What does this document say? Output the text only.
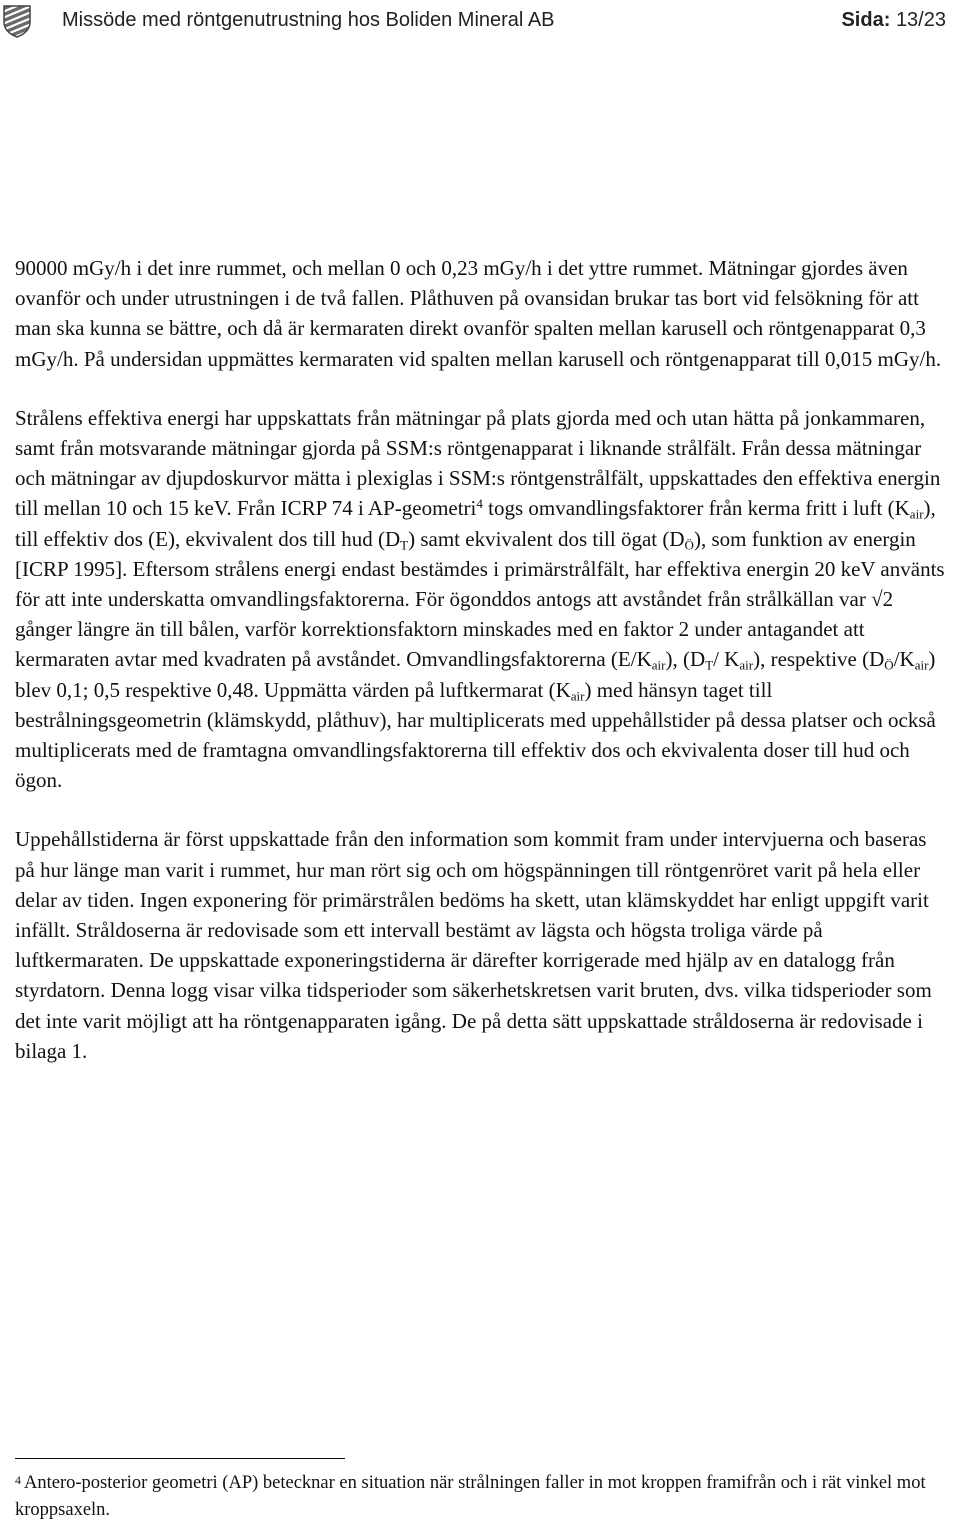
Missöde med röntgenutrustning hos Boliden Mineral AB	Sida: 13/23

90000 mGy/h i det inre rummet, och mellan 0 och 0,23 mGy/h i det yttre rummet. Mätningar gjordes även ovanför och under utrustningen i de två fallen. Plåthuven på ovansidan brukar tas bort vid felsökning för att man ska kunna se bättre, och då är kermaraten direkt ovanför spalten mellan karusell och röntgenapparat 0,3 mGy/h. På undersidan uppmättes kermaraten vid spalten mellan karusell och röntgenapparat till 0,015 mGy/h.

Strålens effektiva energi har uppskattats från mätningar på plats gjorda med och utan hätta på jonkammaren, samt från motsvarande mätningar gjorda på SSM:s röntgenapparat i liknande strålfält. Från dessa mätningar och mätningar av djupdoskurvor mätta i plexiglas i SSM:s röntgenstrålfält, uppskattades den effektiva energin till mellan 10 och 15 keV. Från ICRP 74 i AP-geometri$^4$ togs omvandlingsfaktorer från kerma fritt i luft $(K_{air})$, till effektiv dos (E), ekvivalent dos till hud $(D_T)$ samt ekvivalent dos till ögat $(D_Ö)$, som funktion av energin [ICRP 1995]. Eftersom strålens energi endast bestämdes i primärstrålfält, har effektiva energin 20 keV använts för att inte underskatta omvandlingsfaktorerna. För ögonddos antogs att avståndet från strålkällan var √2 gånger längre än till bålen, varför korrektionsfaktorn minskades med en faktor 2 under antagandet att kermaraten avtar med kvadraten på avståndet. Omvandlingsfaktorerna $(E/K_{air})$, ($D_T/$ $K_{air}$), respektive $(D_Ö/K_{air})$ blev 0,1; 0,5 respektive 0,48. Uppmätta värden på luftkermarat $(K_{air})$ med hänsyn taget till bestrålningsgeometrin (klämskydd, plåthuv), har multiplicerats med uppehållstider på dessa platser och också multiplicerats med de framtagna omvandlingsfaktorerna till effektiv dos och ekvivalenta doser till hud och ögon.

Uppehållstiderna är först uppskattade från den information som kommit fram under intervjuerna och baseras på hur länge man varit i rummet, hur man rört sig och om högspänningen till röntgenröret varit på hela eller delar av tiden. Ingen exponering för primärstrålen bedöms ha skett, utan klämskyddet har enligt uppgift varit infällt. Stråldoserna är redovisade som ett intervall bestämt av lägsta och högsta troliga värde på luftkermaraten. De uppskattade exponeringstiderna är därefter korrigerade med hjälp av en datalogg från styrdatorn. Denna logg visar vilka tidsperioder som säkerhetskretsen varit bruten, dvs. vilka tidsperioder som det inte varit möjligt att ha röntgenapparaten igång. De på detta sätt uppskattade stråldoserna är redovisade i bilaga 1.

$^4$ Antero-posterior geometri (AP) betecknar en situation när strålningen faller in mot kroppen framifrån och i rät vinkel mot kroppsaxeln.
